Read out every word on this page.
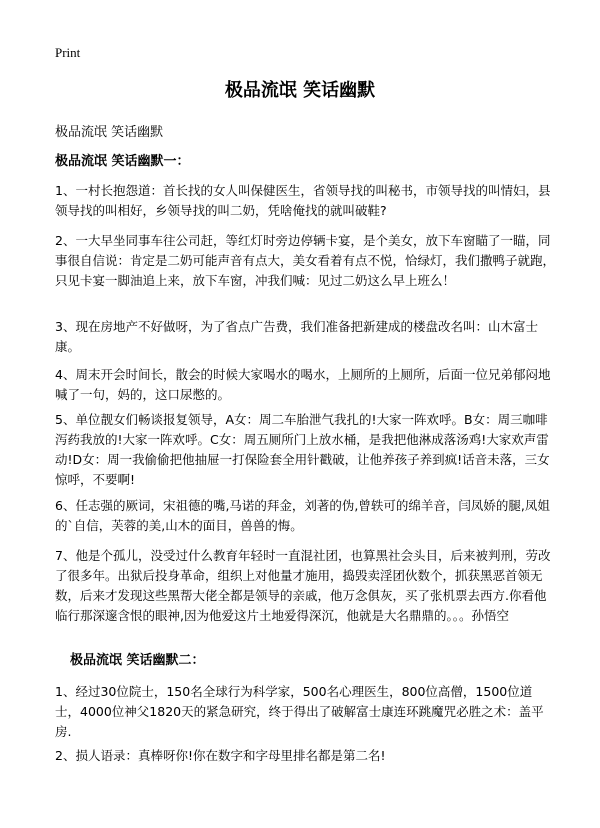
Print
极品流氓 笑话幽默
极品流氓 笑话幽默
极品流氓 笑话幽默一：
1、一村长抱怨道：首长找的女人叫保健医生，省领导找的叫秘书，市领导找的叫情妇，县领导找的叫相好，乡领导找的叫二奶，凭啥俺找的就叫破鞋?
2、一大早坐同事车往公司赶，等红灯时旁边停辆卡宴，是个美女，放下车窗瞄了一瞄，同事很自信说：肯定是二奶可能声音有点大，美女看着有点不悦，恰绿灯，我们撒鸭子就跑，只见卡宴一脚油追上来，放下车窗，冲我们喊：见过二奶这么早上班么！
3、现在房地产不好做呀，为了省点广告费，我们准备把新建成的楼盘改名叫：山木富士康。
4、周末开会时间长，散会的时候大家喝水的喝水，上厕所的上厕所，后面一位兄弟郁闷地喊了一句，妈的，这口尿憋的。
5、单位靓女们畅谈报复领导，A女：周二车胎泄气我扎的!大家一阵欢呼。B女：周三咖啡泻药我放的!大家一阵欢呼。C女：周五厕所门上放水桶，是我把他淋成落汤鸡!大家欢声雷动!D女：周一我偷偷把他抽屉一打保险套全用针戳破，让他养孩子养到疯!话音未落，三女惊呼，不要啊!
6、任志强的厥词，宋祖德的嘴,马诺的拜金，刘著的伪,曾轶可的绵羊音，闫凤娇的腿,凤姐的`自信，芙蓉的美,山木的面目，兽兽的悔。
7、他是个孤儿，没受过什么教育年轻时一直混社团，也算黑社会头目，后来被判刑，劳改了很多年。出狱后投身革命，组织上对他量才施用，捣毁卖淫团伙数个，抓获黑恶首领无数，后来才发现这些黑帮大佬全都是领导的亲戚，他万念俱灰，买了张机票去西方.你看他临行那深邃含恨的眼神,因为他爱这片土地爱得深沉，他就是大名鼎鼎的。。。孙悟空
极品流氓 笑话幽默二：
1、经过30位院士，150名全球行为科学家，500名心理医生，800位高僧，1500位道士，4000位神父1820天的紧急研究，终于得出了破解富士康连环跳魔咒必胜之术：盖平房.
2、损人语录：真棒呀你!你在数字和字母里排名都是第二名!
